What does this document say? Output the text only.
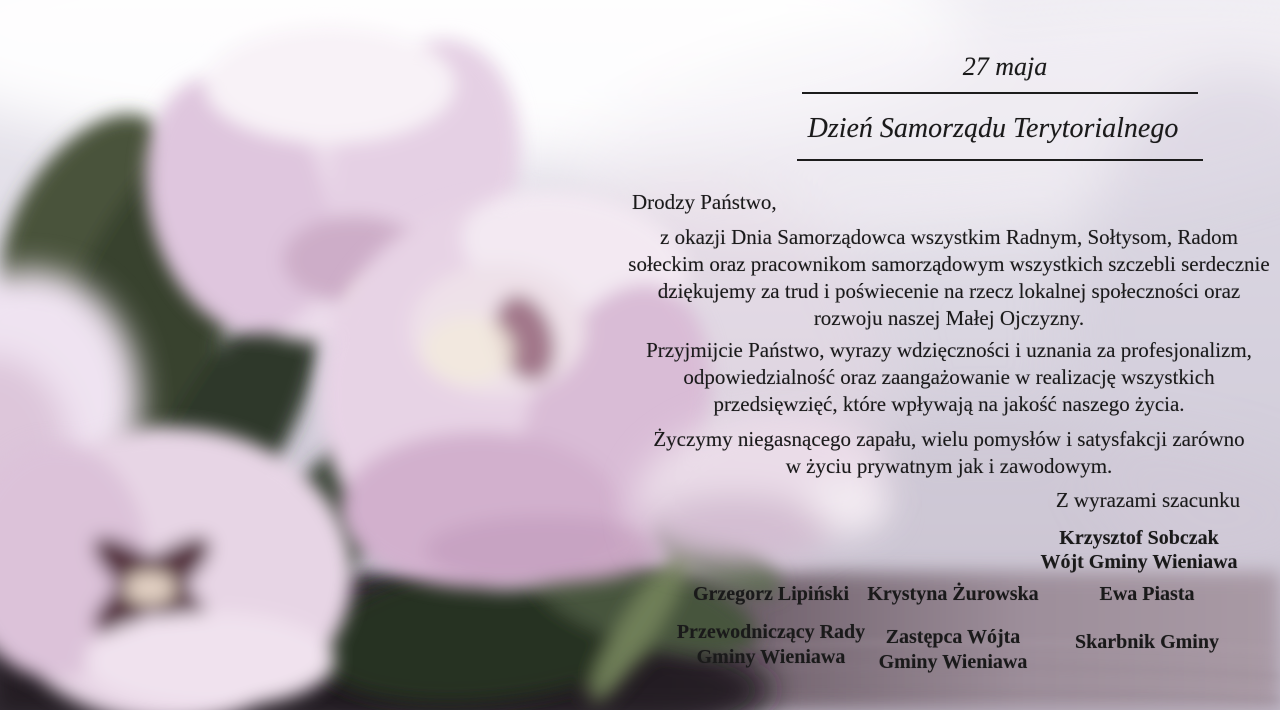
27 maja
Dzień Samorządu Terytorialnego
Drodzy Państwo,
z okazji Dnia Samorządowca wszystkim Radnym, Sołtysom, Radom
sołeckim oraz pracownikom samorządowym wszystkich szczebli serdecznie
dziękujemy za trud i poświecenie na rzecz lokalnej społeczności oraz
rozwoju naszej Małej Ojczyzny.
Przyjmijcie Państwo, wyrazy wdzięczności i uznania za profesjonalizm,
odpowiedzialność oraz zaangażowanie w realizację wszystkich
przedsięwzięć, które wpływają na jakość naszego życia.
Życzymy niegasnącego zapału, wielu pomysłów i satysfakcji zarówno
w życiu prywatnym jak i zawodowym.
Z wyrazami szacunku
Krzysztof Sobczak
Wójt Gminy Wieniawa
Grzegorz Lipiński
Przewodniczący Rady
Gminy Wieniawa
Krystyna Żurowska
Zastępca Wójta
Gminy Wieniawa
Ewa Piasta
Skarbnik Gminy
